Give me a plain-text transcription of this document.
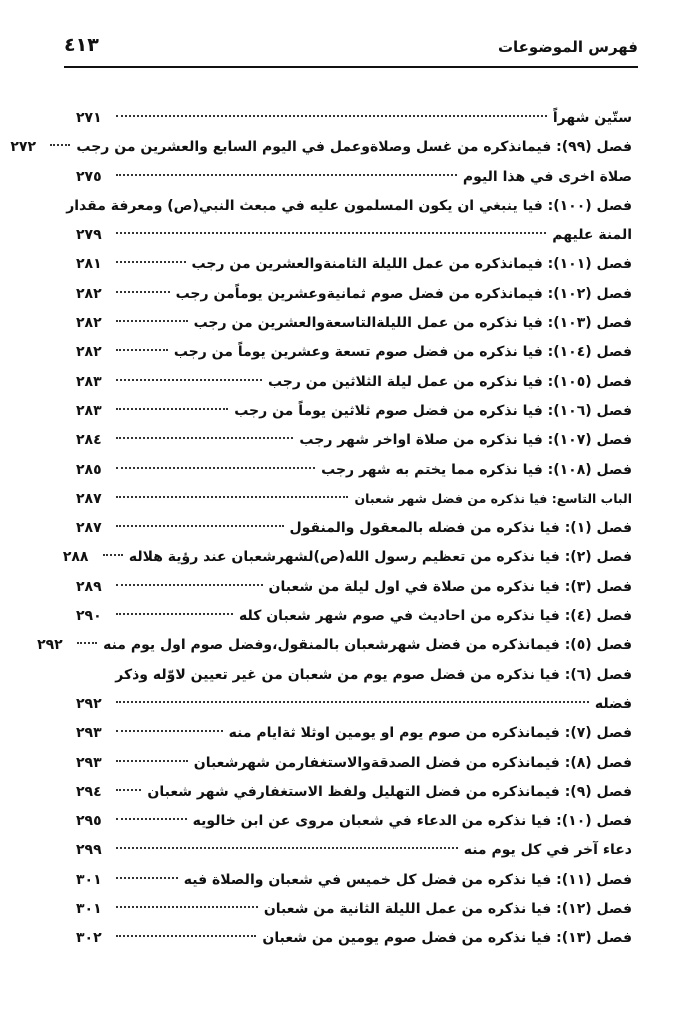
فهرس الموضوعات
٤١٣
ستّين شهراً
٢٧١
فصل (٩٩): فيمانذكره من غسل وصلاةوعمل في اليوم السابع والعشرين من رجب
٢٧٢
صلاة اخرى في هذا اليوم
٢٧٥
فصل (١٠٠): فيا ينبغي ان يكون المسلمون عليه في مبعث النبي(ص) ومعرفة مقدار
المنة عليهم
٢٧٩
فصل (١٠١): فيمانذكره من عمل الليلة الثامنةوالعشرين من رجب
٢٨١
فصل (١٠٢): فيمانذكره من فضل صوم ثمانيةوعشرين يوماًمن رجب
٢٨٢
فصل (١٠٣): فيا نذكره من عمل الليلةالتاسعةوالعشرين من رجب
٢٨٢
فصل (١٠٤): فيا نذكره من فضل صوم تسعة وعشرين يوماً من رجب
٢٨٢
فصل (١٠٥): فيا نذكره من عمل ليلة الثلاثين من رجب
٢٨٣
فصل (١٠٦): فيا نذكره من فضل صوم ثلاثين يوماً من رجب
٢٨٣
فصل (١٠٧): فيا نذكره من صلاة اواخر شهر رجب
٢٨٤
فصل (١٠٨): فيا نذكره مما يختم به شهر رجب
٢٨٥
الباب التاسع: فيا نذكره من فضل شهر شعبان
٢٨٧
فصل (١): فيا نذكره من فضله بالمعقول والمنقول
٢٨٧
فصل (٢): فيا نذكره من تعظيم رسول الله(ص)لشهرشعبان عند رؤية هلاله
٢٨٨
فصل (٣): فيا نذكره من صلاة في اول ليلة من شعبان
٢٨٩
فصل (٤): فيا نذكره من احاديث في صوم شهر شعبان كله
٢٩٠
فصل (٥): فيمانذكره من فضل شهرشعبان بالمنقول،وفضل صوم اول يوم منه
٢٩٢
فصل (٦): فيا نذكره من فضل صوم يوم من شعبان من غير تعيين لاوّله وذكر
فضله
٢٩٢
فصل (٧): فيمانذكره من صوم يوم او يومين اوثلا ثةايام منه
٢٩٣
فصل (٨): فيمانذكره من فضل الصدقةوالاستغفارمن شهرشعبان
٢٩٣
فصل (٩): فيمانذكره من فضل التهليل ولفظ الاستغفارفي شهر شعبان
٢٩٤
فصل (١٠): فيا نذكره من الدعاء في شعبان مروى عن ابن خالويه
٢٩٥
دعاء آخر في كل يوم منه
٢٩٩
فصل (١١): فيا نذكره من فضل كل خميس في شعبان والصلاة فيه
٣٠١
فصل (١٢): فيا نذكره من عمل الليلة الثانية من شعبان
٣٠١
فصل (١٣): فيا نذكره من فضل صوم يومين من شعبان
٣٠٢
